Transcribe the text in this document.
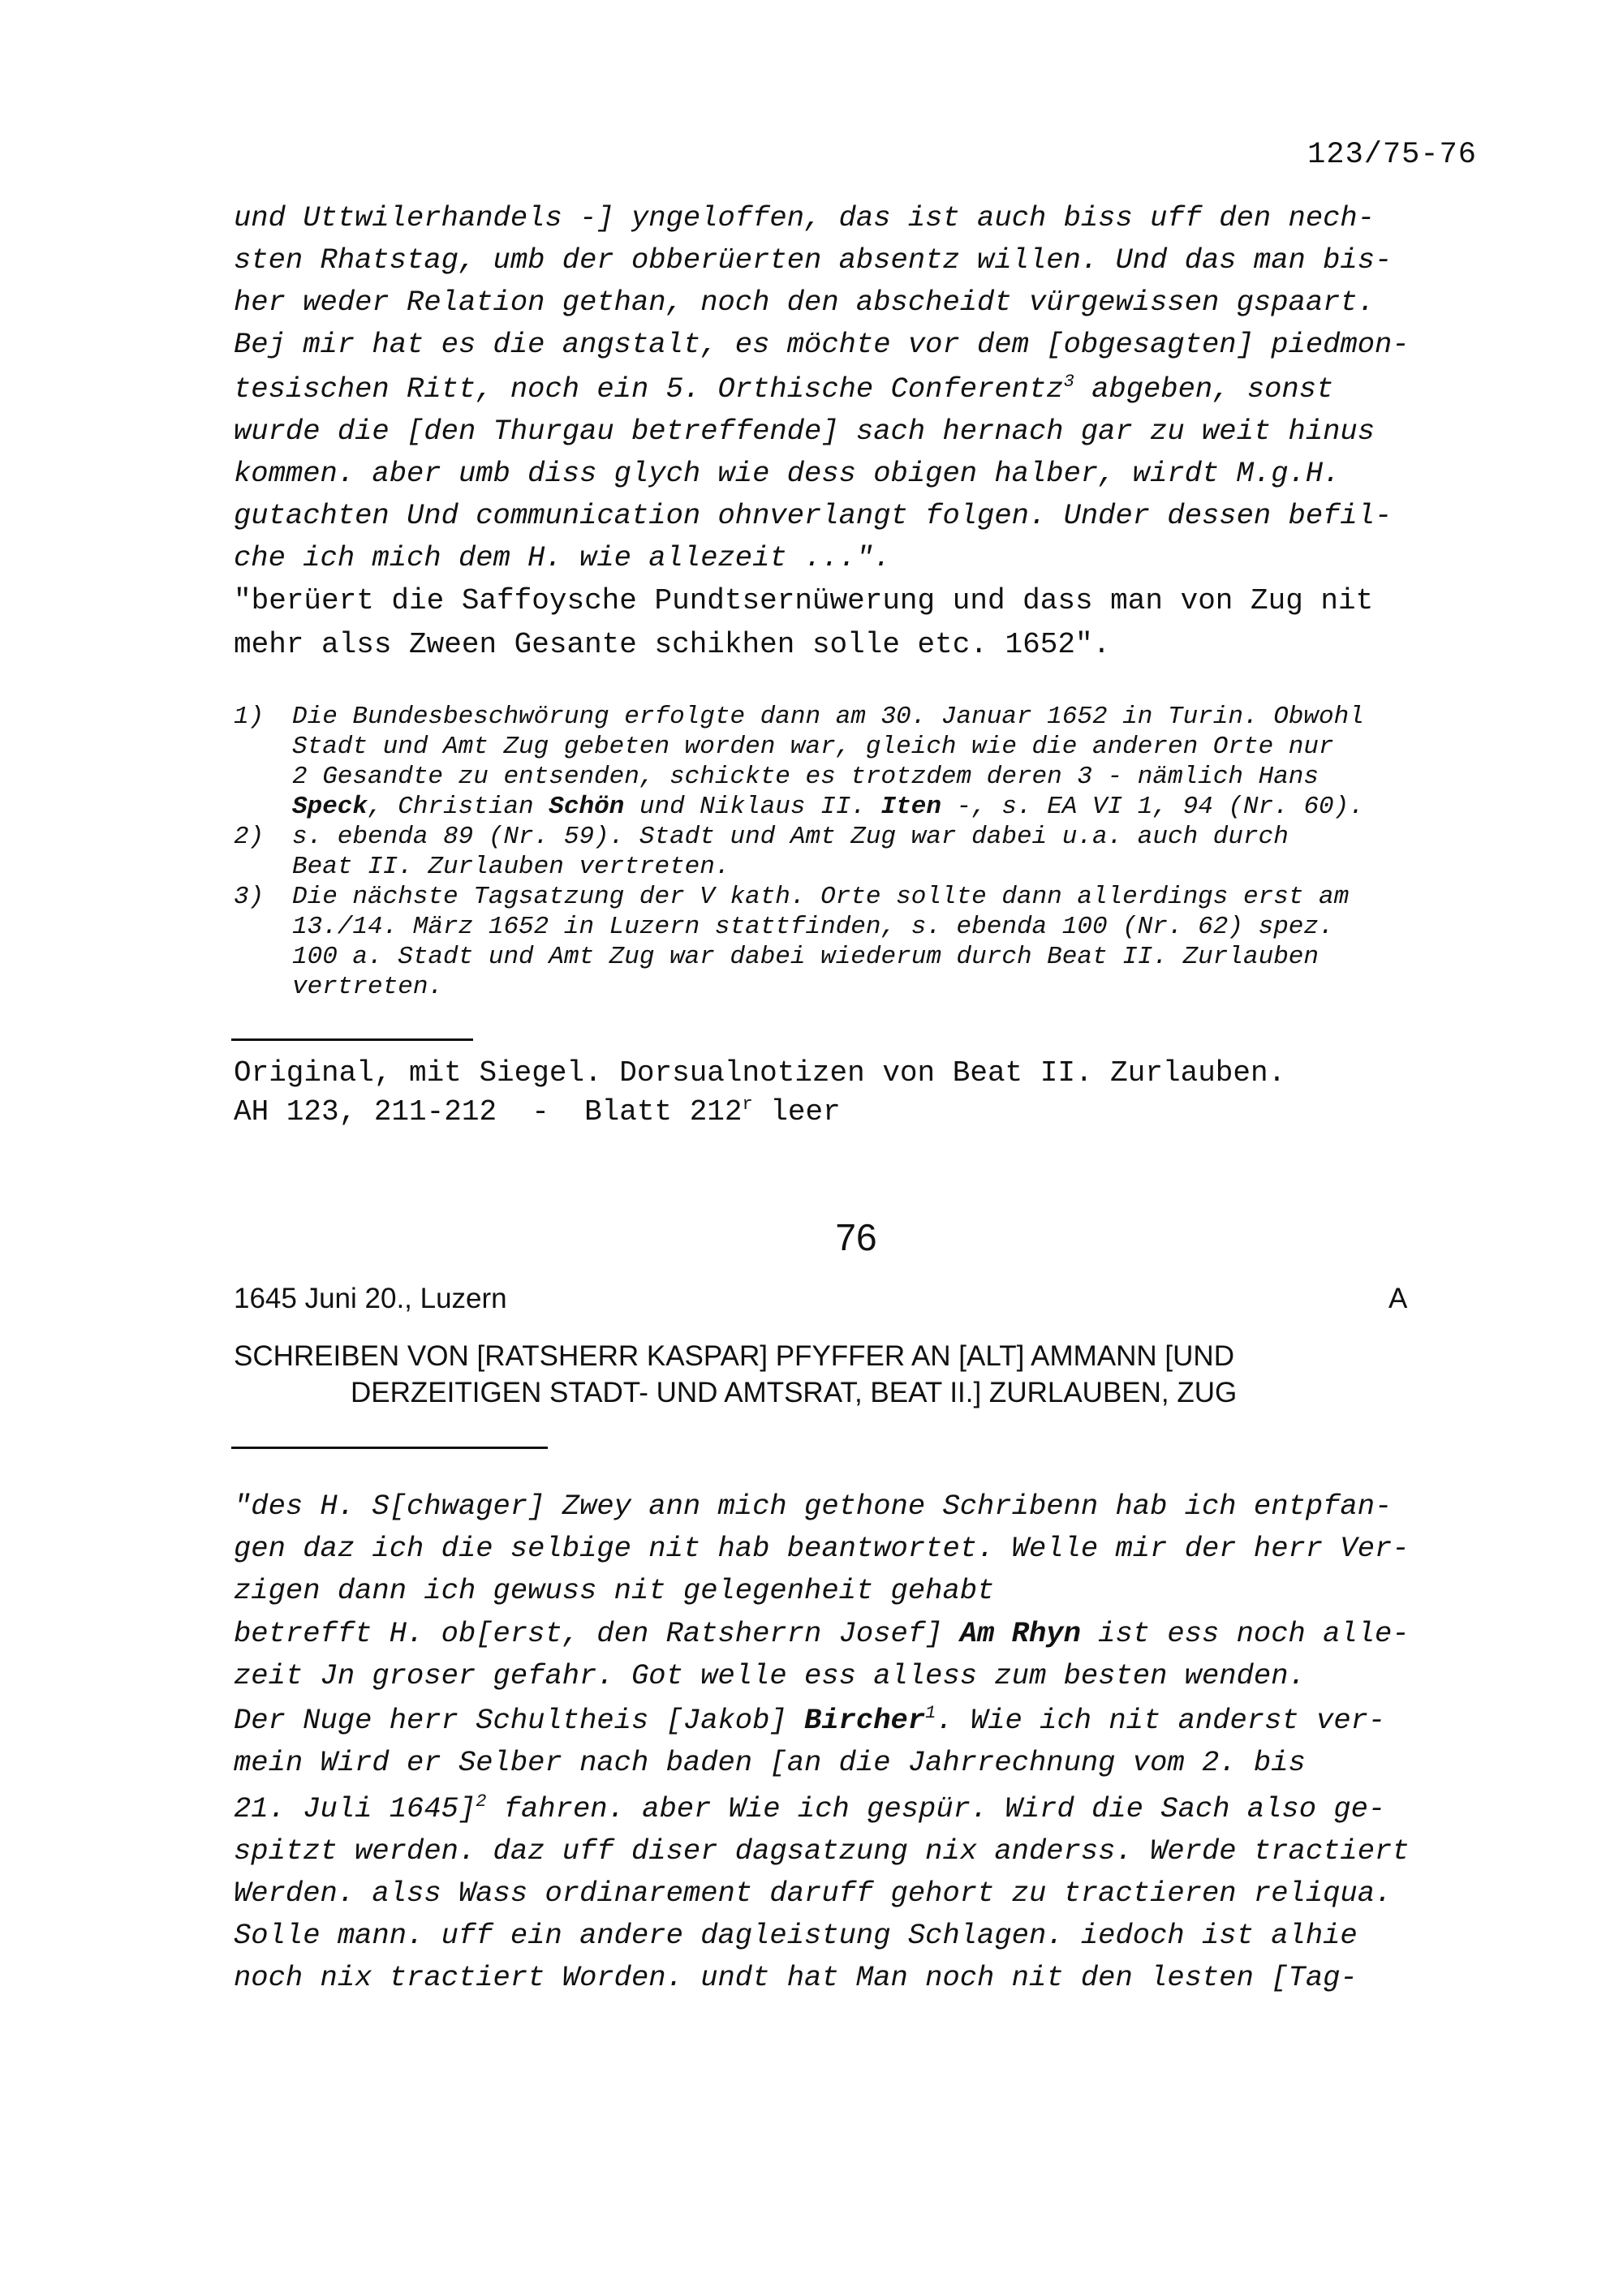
123/75-76
und Uttwilerhandels -] yngeloffen, das ist auch biss uff den nech-
sten Rhatstag, umb der obberüerten absentz willen. Und das man bis-
her weder Relation gethan, noch den abscheidt vürgewissen gspaart.
Bej mir hat es die angstalt, es möchte vor dem [obgesagten] piedmon-
tesischen Ritt, noch ein 5. Orthische Conferentz$^3$ abgeben, sonst
wurde die [den Thurgau betreffende] sach hernach gar zu weit hinus
kommen. aber umb diss glych wie dess obigen halber, wirdt M.g.H.
gutachten Und communication ohnverlangt folgen. Under dessen befil-
che ich mich dem H. wie allezeit ...".
"berüert die Saffoysche Pundtsernüwerung und dass man von Zug nit
mehr alss Zween Gesante schikhen solle etc. 1652".

1)

Die Bundesbeschwörung erfolgte dann am 30. Januar 1652 in Turin. Obwohl

Stadt und Amt Zug gebeten worden war, gleich wie die anderen Orte nur

2 Gesandte zu entsenden, schickte es trotzdem deren 3 - nämlich Hans

Speck, Christian Schön und Niklaus II. Iten -, s. EA VI 1, 94 (Nr. 60).

2)

s. ebenda 89 (Nr. 59). Stadt und Amt Zug war dabei u.a. auch durch

Beat II. Zurlauben vertreten.

3)

Die nächste Tagsatzung der V kath. Orte sollte dann allerdings erst am

13./14. März 1652 in Luzern stattfinden, s. ebenda 100 (Nr. 62) spez.

100 a. Stadt und Amt Zug war dabei wiederum durch Beat II. Zurlauben

vertreten.

Original, mit Siegel. Dorsualnotizen von Beat II. Zurlauben.
AH 123, 211-212  -  Blatt 212$^r$ leer
76
1645 Juni 20., Luzern	A
SCHREIBEN VON [RATSHERR KASPAR] PFYFFER AN [ALT] AMMANN [UND
DERZEITIGEN STADT- UND AMTSRAT, BEAT II.] ZURLAUBEN, ZUG
"des H. S[chwager] Zwey ann mich gethone Schribenn hab ich entpfan-
gen daz ich die selbige nit hab beantwortet. Welle mir der herr Ver-
zigen dann ich gewuss nit gelegenheit gehabt
betrefft H. ob[erst, den Ratsherrn Josef] Am Rhyn ist ess noch alle-
zeit Jn groser gefahr. Got welle ess alless zum besten wenden.
Der Nuge herr Schultheis [Jakob] Bircher$^1$. Wie ich nit anderst ver-
mein Wird er Selber nach baden [an die Jahrrechnung vom 2. bis
21. Juli 1645]$^2$ fahren. aber Wie ich gespür. Wird die Sach also ge-
spitzt werden. daz uff diser dagsatzung nix anderss. Werde tractiert
Werden. alss Wass ordinarement daruff gehort zu tractieren reliqua.
Solle mann. uff ein andere dagleistung Schlagen. iedoch ist alhie
noch nix tractiert Worden. undt hat Man noch nit den lesten [Tag-
